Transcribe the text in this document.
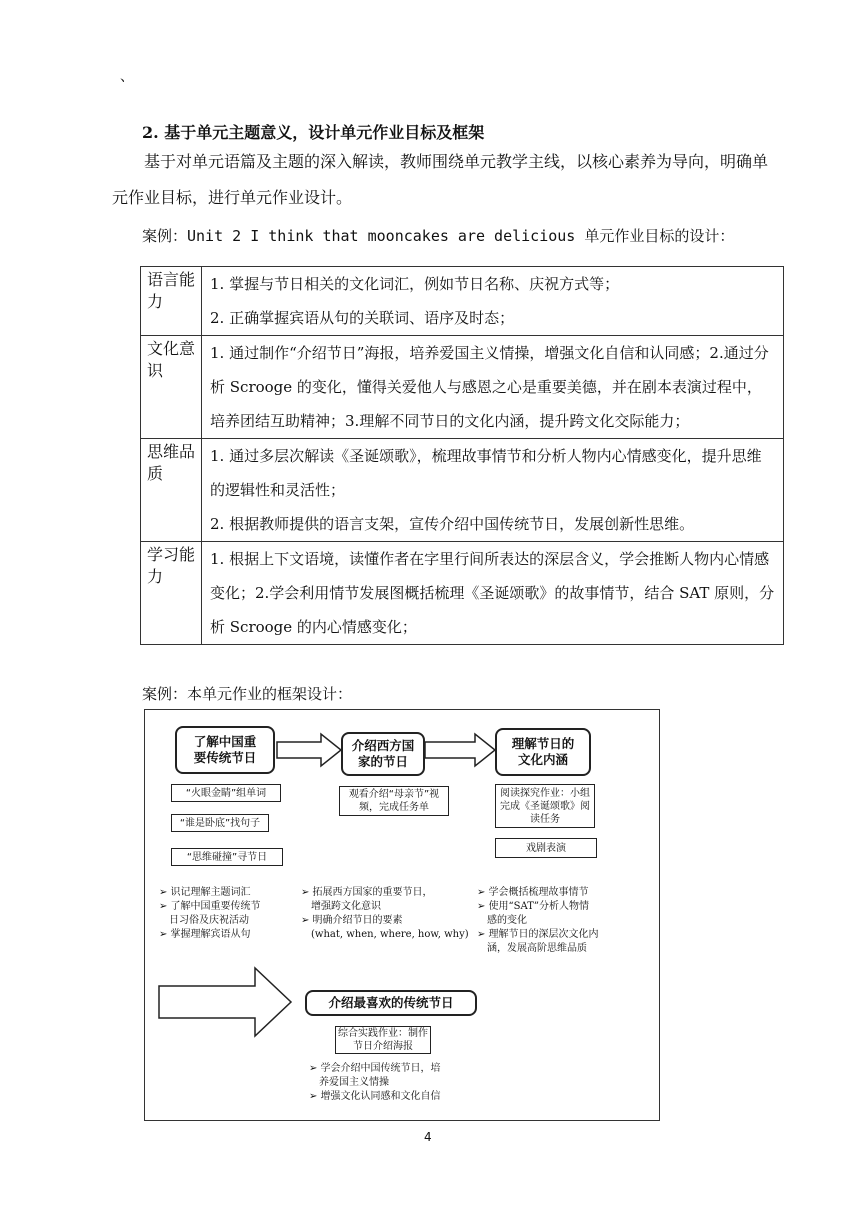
、
2. 基于单元主题意义，设计单元作业目标及框架
基于对单元语篇及主题的深入解读，教师围绕单元教学主线，以核心素养为导向，明确单元作业目标，进行单元作业设计。
案例：Unit 2 I think that mooncakes are delicious 单元作业目标的设计：
语言能力	1. 掌握与节日相关的文化词汇，例如节日名称、庆祝方式等；
2. 正确掌握宾语从句的关联词、语序及时态；
文化意识	1. 通过制作“介绍节日”海报，培养爱国主义情操，增强文化自信和认同感；2.通过分析 Scrooge 的变化，懂得关爱他人与感恩之心是重要美德，并在剧本表演过程中，培养团结互助精神；3.理解不同节日的文化内涵，提升跨文化交际能力；
思维品质	1. 通过多层次解读《圣诞颂歌》，梳理故事情节和分析人物内心情感变化，提升思维的逻辑性和灵活性；
2. 根据教师提供的语言支架，宣传介绍中国传统节日，发展创新性思维。
学习能力	1. 根据上下文语境，读懂作者在字里行间所表达的深层含义，学会推断人物内心情感变化；2.学会利用情节发展图概括梳理《圣诞颂歌》的故事情节，结合 SAT 原则，分析 Scrooge 的内心情感变化；
案例：本单元作业的框架设计：
了解中国重要传统节日
介绍西方国家的节日
理解节日的文化内涵
介绍最喜欢的传统节日
“火眼金睛”组单词
“谁是卧底”找句子
“思维碰撞”寻节日
观看介绍“母亲节”视频，完成任务单
阅读探究作业：小组完成《圣诞颂歌》阅读任务
戏剧表演
综合实践作业：制作节日介绍海报
➢ 识记理解主题词汇
➢ 了解中国重要传统节
日习俗及庆祝活动
➢ 掌握理解宾语从句
➢ 拓展西方国家的重要节日，
增强跨文化意识
➢ 明确介绍节日的要素
(what, when, where, how, why)
➢ 学会概括梳理故事情节
➢ 使用“SAT”分析人物情
感的变化
➢ 理解节日的深层次文化内
涵，发展高阶思维品质
➢ 学会介绍中国传统节日，培
养爱国主义情操
➢ 增强文化认同感和文化自信
4
